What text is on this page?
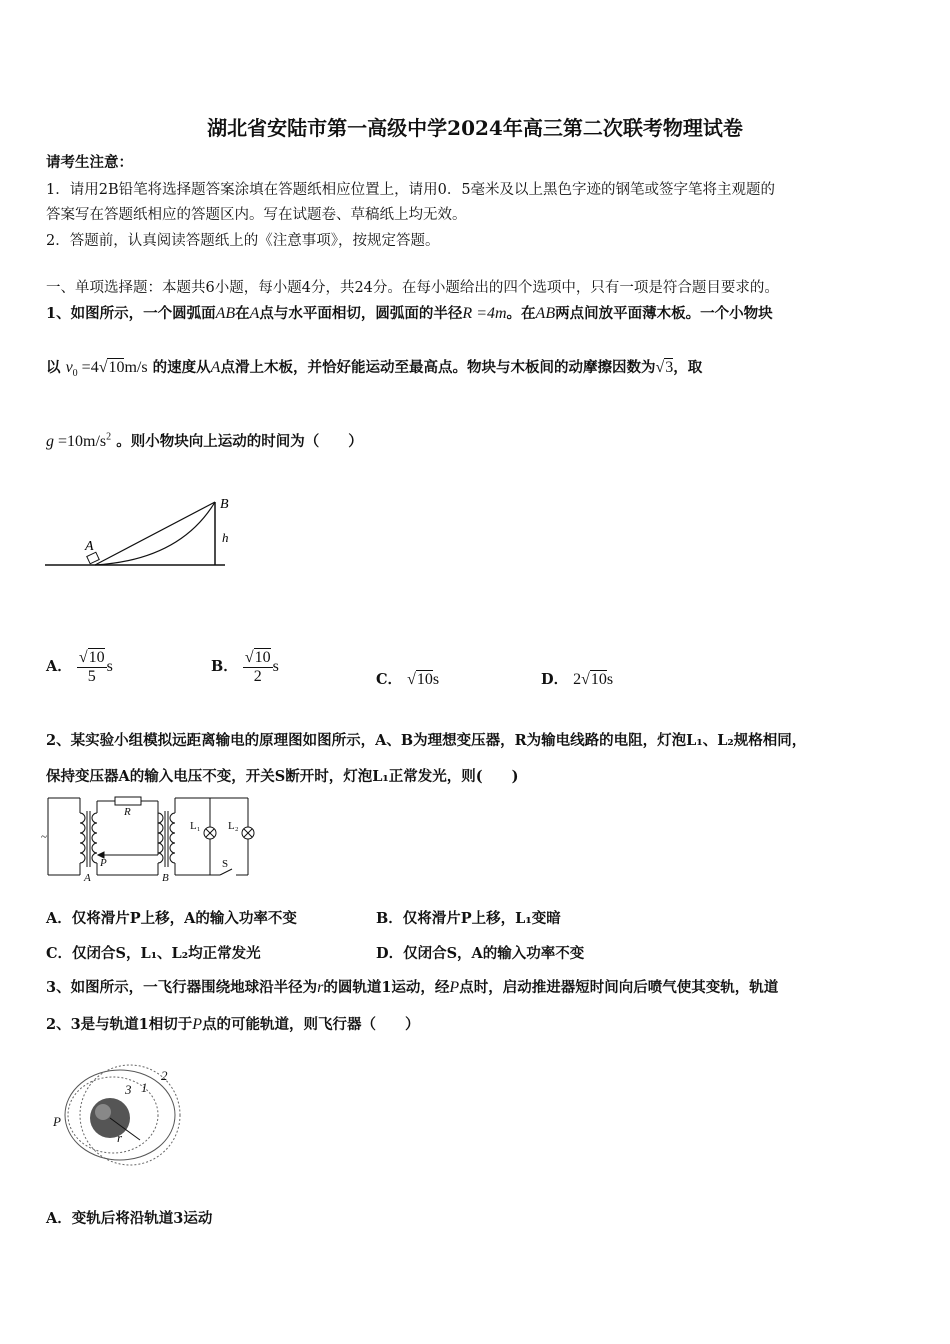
湖北省安陆市第一高级中学2024年高三第二次联考物理试卷
请考生注意：
1．请用2B铅笔将选择题答案涂填在答题纸相应位置上，请用0．5毫米及以上黑色字迹的钢笔或签字笔将主观题的
答案写在答题纸相应的答题区内。写在试题卷、草稿纸上均无效。
2．答题前，认真阅读答题纸上的《注意事项》，按规定答题。
一、单项选择题：本题共6小题，每小题4分，共24分。在每小题给出的四个选项中，只有一项是符合题目要求的。
1、如图所示，一个圆弧面AB在A点与水平面相切，圆弧面的半径R =4m。在AB两点间放平面薄木板。一个小物块
以 $v_0 =4√10m/s$ 的速度从A点滑上木板，并恰好能运动至最高点。物块与木板间的动摩擦因数为√3，取
$g =10m/s^2$ 。则小物块向上运动的时间为（　　）
A
B
h
A． $\frac{√10}{5}$ s	B． $\frac{√10}{2}$ s
C． √10s	D． 2√10s
2、某实验小组模拟远距离输电的原理图如图所示，A、B为理想变压器，R为输电线路的电阻，灯泡L₁、L₂规格相同，
保持变压器A的输入电压不变，开关S断开时，灯泡L₁正常发光，则(　　)
~
R
P
A	B
L₁ L₂
S
A．仅将滑片P上移，A的输入功率不变	B．仅将滑片P上移，L₁变暗
C．仅闭合S，L₁、L₂均正常发光	D．仅闭合S，A的输入功率不变
3、如图所示，一飞行器围绕地球沿半径为r的圆轨道1运动，经P点时，启动推进器短时间向后喷气使其变轨，轨道
2、3是与轨道1相切于P点的可能轨道，则飞行器（　　）
P
3 1
2
r
A．变轨后将沿轨道3运动
